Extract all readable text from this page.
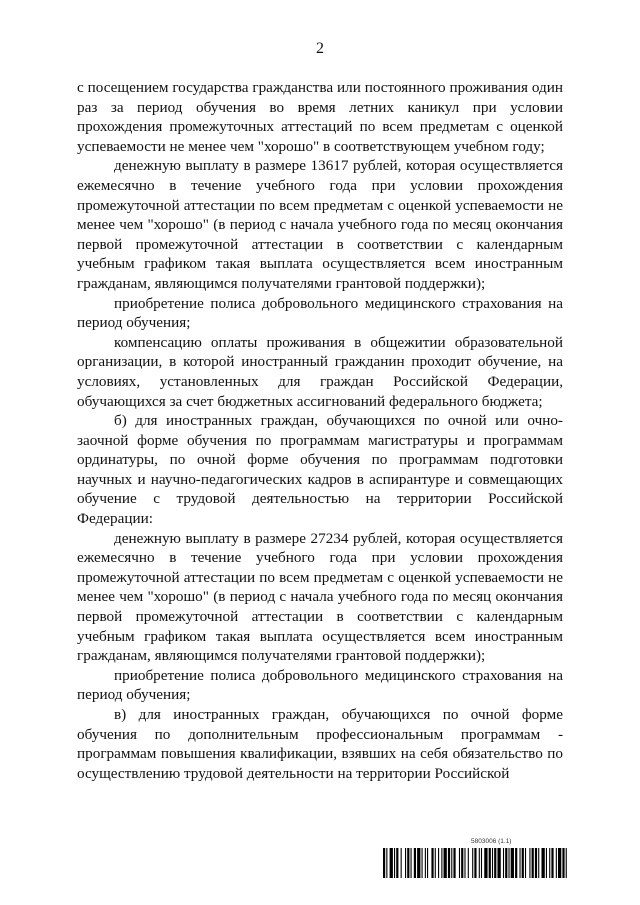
2

с посещением государства гражданства или постоянного проживания один раз за период обучения во время летних каникул при условии прохождения промежуточных аттестаций по всем предметам с оценкой успеваемости не менее чем "хорошо" в соответствующем учебном году;

денежную выплату в размере 13617 рублей, которая осуществляется ежемесячно в течение учебного года при условии прохождения промежуточной аттестации по всем предметам с оценкой успеваемости не менее чем "хорошо" (в период с начала учебного года по месяц окончания первой промежуточной аттестации в соответствии с календарным учебным графиком такая выплата осуществляется всем иностранным гражданам, являющимся получателями грантовой поддержки);

приобретение полиса добровольного медицинского страхования на период обучения;

компенсацию оплаты проживания в общежитии образовательной организации, в которой иностранный гражданин проходит обучение, на условиях, установленных для граждан Российской Федерации, обучающихся за счет бюджетных ассигнований федерального бюджета;

б) для иностранных граждан, обучающихся по очной или очно-заочной форме обучения по программам магистратуры и программам ординатуры, по очной форме обучения по программам подготовки научных и научно-педагогических кадров в аспирантуре и совмещающих обучение с трудовой деятельностью на территории Российской Федерации:

денежную выплату в размере 27234 рублей, которая осуществляется ежемесячно в течение учебного года при условии прохождения промежуточной аттестации по всем предметам с оценкой успеваемости не менее чем "хорошо" (в период с начала учебного года по месяц окончания первой промежуточной аттестации в соответствии с календарным учебным графиком такая выплата осуществляется всем иностранным гражданам, являющимся получателями грантовой поддержки);

приобретение полиса добровольного медицинского страхования на период обучения;

в) для иностранных граждан, обучающихся по очной форме обучения по дополнительным профессиональным программам - программам повышения квалификации, взявших на себя обязательство по осуществлению трудовой деятельности на территории Российской

5803006 (1.1)
